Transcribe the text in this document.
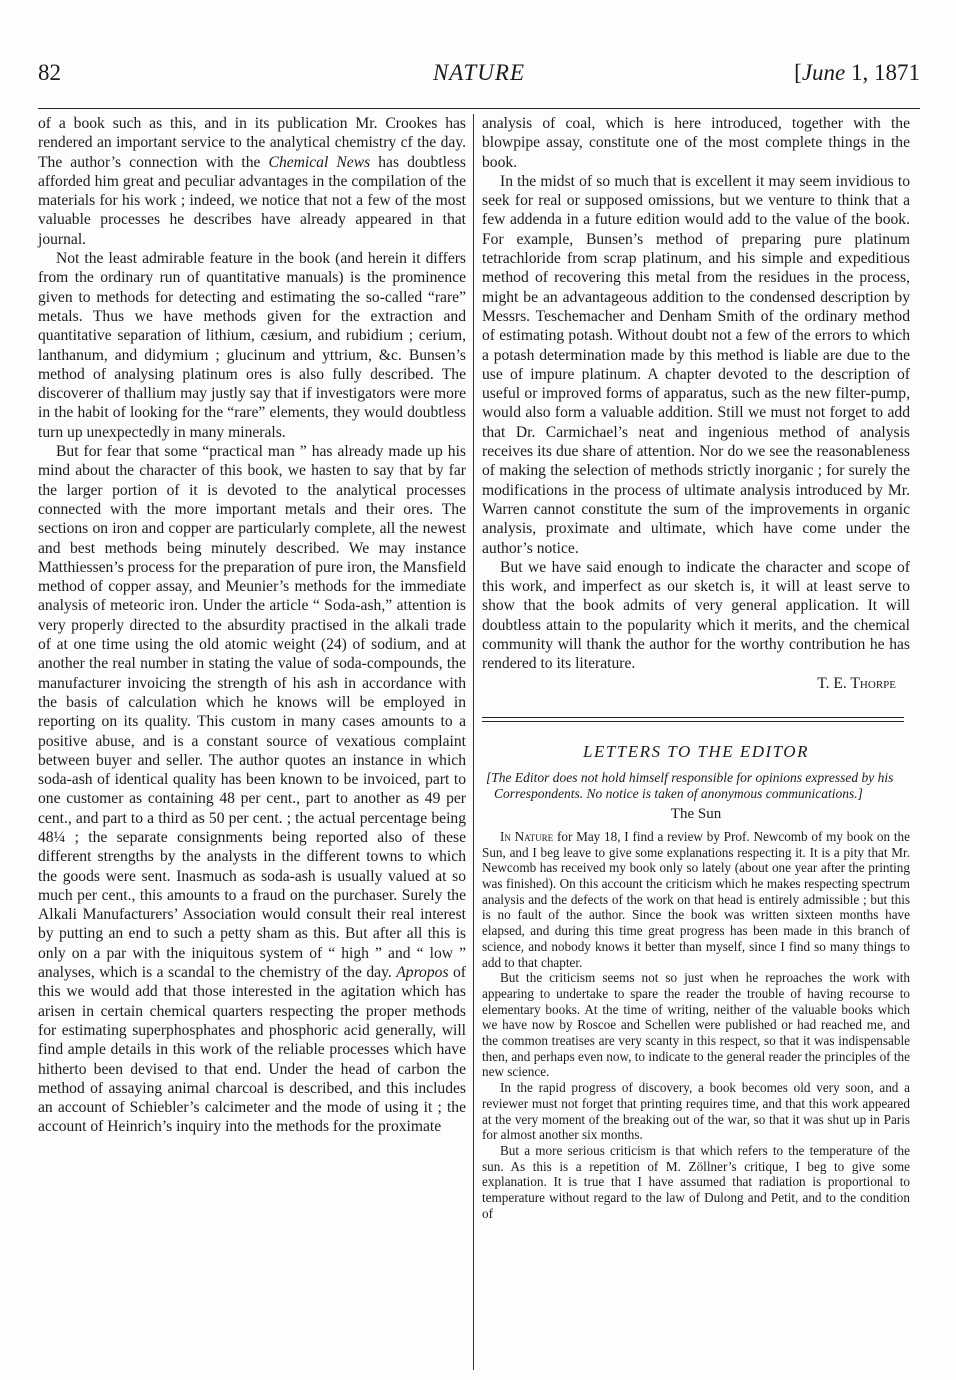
82	NATURE	[June 1, 1871

of a book such as this, and in its publication Mr. Crookes has rendered an important service to the analytical chemistry cf the day. The author’s connection with the Chemical News has doubtless afforded him great and peculiar advantages in the compilation of the materials for his work ; indeed, we notice that not a few of the most valuable processes he describes have already appeared in that journal.

Not the least admirable feature in the book (and herein it differs from the ordinary run of quantitative manuals) is the prominence given to methods for detecting and estimating the so-called “rare” metals. Thus we have methods given for the extraction and quantitative separation of lithium, cæsium, and rubidium ; cerium, lanthanum, and didymium ; glucinum and yttrium, &c. Bunsen’s method of analysing platinum ores is also fully described. The discoverer of thallium may justly say that if investigators were more in the habit of looking for the “rare” elements, they would doubtless turn up unexpectedly in many minerals.

But for fear that some “practical man ” has already made up his mind about the character of this book, we hasten to say that by far the larger portion of it is devoted to the analytical processes connected with the more important metals and their ores. The sections on iron and copper are particularly complete, all the newest and best methods being minutely described. We may instance Matthiessen’s process for the preparation of pure iron, the Mansfield method of copper assay, and Meunier’s methods for the immediate analysis of meteoric iron. Under the article “ Soda-ash,” attention is very properly directed to the absurdity practised in the alkali trade of at one time using the old atomic weight (24) of sodium, and at another the real number in stating the value of soda-compounds, the manufacturer invoicing the strength of his ash in accordance with the basis of calculation which he knows will be employed in reporting on its quality. This custom in many cases amounts to a positive abuse, and is a constant source of vexatious complaint between buyer and seller. The author quotes an instance in which soda-ash of identical quality has been known to be invoiced, part to one customer as containing 48 per cent., part to another as 49 per cent., and part to a third as 50 per cent. ; the actual percentage being 48¼ ; the separate consignments being reported also of these different strengths by the analysts in the different towns to which the goods were sent. Inasmuch as soda-ash is usually valued at so much per cent., this amounts to a fraud on the purchaser. Surely the Alkali Manufacturers’ Association would consult their real interest by putting an end to such a petty sham as this. But after all this is only on a par with the iniquitous system of “ high ” and “ low ” analyses, which is a scandal to the chemistry of the day. Apropos of this we would add that those interested in the agitation which has arisen in certain chemical quarters respecting the proper methods for estimating superphosphates and phosphoric acid generally, will find ample details in this work of the reliable processes which have hitherto been devised to that end. Under the head of carbon the method of assaying animal charcoal is described, and this includes an account of Schiebler’s calcimeter and the mode of using it ; the account of Heinrich’s inquiry into the methods for the proximate

analysis of coal, which is here introduced, together with the blowpipe assay, constitute one of the most complete things in the book.

In the midst of so much that is excellent it may seem invidious to seek for real or supposed omissions, but we venture to think that a few addenda in a future edition would add to the value of the book. For example, Bunsen’s method of preparing pure platinum tetrachloride from scrap platinum, and his simple and expeditious method of recovering this metal from the residues in the process, might be an advantageous addition to the condensed description by Messrs. Teschemacher and Denham Smith of the ordinary method of estimating potash. Without doubt not a few of the errors to which a potash determination made by this method is liable are due to the use of impure platinum. A chapter devoted to the description of useful or improved forms of apparatus, such as the new filter-pump, would also form a valuable addition. Still we must not forget to add that Dr. Carmichael’s neat and ingenious method of analysis receives its due share of attention. Nor do we see the reasonableness of making the selection of methods strictly inorganic ; for surely the modifications in the process of ultimate analysis introduced by Mr. Warren cannot constitute the sum of the improvements in organic analysis, proximate and ultimate, which have come under the author’s notice.

But we have said enough to indicate the character and scope of this work, and imperfect as our sketch is, it will at least serve to show that the book admits of very general application. It will doubtless attain to the popularity which it merits, and the chemical community will thank the author for the worthy contribution he has rendered to its literature.

T. E. Thorpe

LETTERS TO THE EDITOR

[The Editor does not hold himself responsible for opinions expressed by his Correspondents. No notice is taken of anonymous communications.]

The Sun

In Nature for May 18, I find a review by Prof. Newcomb of my book on the Sun, and I beg leave to give some explanations respecting it. It is a pity that Mr. Newcomb has received my book only so lately (about one year after the printing was finished). On this account the criticism which he makes respecting spectrum analysis and the defects of the work on that head is entirely admissible ; but this is no fault of the author. Since the book was written sixteen months have elapsed, and during this time great progress has been made in this branch of science, and nobody knows it better than myself, since I find so many things to add to that chapter.

But the criticism seems not so just when he reproaches the work with appearing to undertake to spare the reader the trouble of having recourse to elementary books. At the time of writing, neither of the valuable books which we have now by Roscoe and Schellen were published or had reached me, and the common treatises are very scanty in this respect, so that it was indispensable then, and perhaps even now, to indicate to the general reader the principles of the new science.

In the rapid progress of discovery, a book becomes old very soon, and a reviewer must not forget that printing requires time, and that this work appeared at the very moment of the breaking out of the war, so that it was shut up in Paris for almost another six months.

But a more serious criticism is that which refers to the temperature of the sun. As this is a repetition of M. Zöllner’s critique, I beg to give some explanation. It is true that I have assumed that radiation is proportional to temperature without regard to the law of Dulong and Petit, and to the condition of
